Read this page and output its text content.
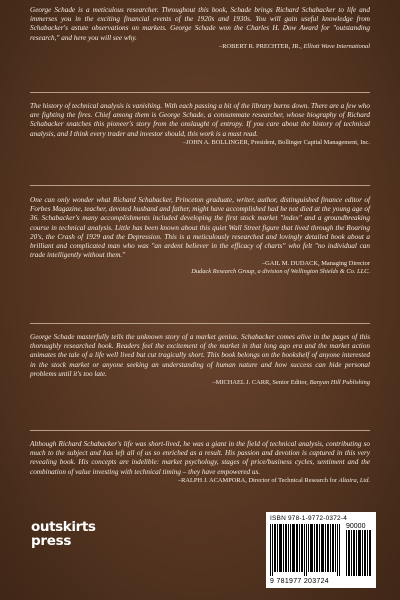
George Schade is a meticulous researcher. Throughout this book, Schade brings Richard Schabacker to life and immerses you in the exciting financial events of the 1920s and 1930s. You will gain useful knowledge from Schabacker's astute observations on markets. George Schade won the Charles H. Dow Award for "outstanding research," and here you will see why.
–ROBERT R. PRECHTER, JR., Elliott Wave International
The history of technical analysis is vanishing. With each passing a bit of the library burns down. There are a few who are fighting the fires. Chief among them is George Schade, a consummate researcher, whose biography of Richard Schabacker snatches this pioneer's story from the onslaught of entropy. If you care about the history of technical analysis, and I think every trader and investor should, this work is a must read.
–JOHN A. BOLLINGER, President, Bollinger Capital Management, Inc.
One can only wonder what Richard Schabacker, Princeton graduate, writer, author, distinguished finance editor of Forbes Magazine, teacher, devoted husband and father, might have accomplished had he not died at the young age of 36. Schabacker's many accomplishments included developing the first stock market "index" and a groundbreaking course in technical analysis. Little has been known about this quiet Wall Street figure that lived through the Roaring 20's, the Crash of 1929 and the Depression. This is a meticulously researched and lovingly detailed book about a brilliant and complicated man who was "an ardent believer in the efficacy of charts" who felt "no individual can trade intelligently without them."
–GAIL M. DUDACK, Managing Director
Dudack Research Group, a division of Wellington Shields & Co. LLC.
George Schade masterfully tells the unknown story of a market genius. Schabacker comes alive in the pages of this thoroughly researched book. Readers feel the excitement of the market in that long ago era and the market action animates the tale of a life well lived but cut tragically short. This book belongs on the bookshelf of anyone interested in the stock market or anyone seeking an understanding of human nature and how success can hide personal problems until it's too late.
–MICHAEL J. CARR, Senior Editor, Banyan Hill Publishing
Although Richard Schabacker's life was short-lived, he was a giant in the field of technical analysis, contributing so much to the subject and has left all of us so enriched as a result. His passion and devotion is captured in this very revealing book. His concepts are indelible: market psychology, stages of price/business cycles, sentiment and the combination of value investing with technical timing – they have empowered us.
–RALPH J. ACAMPORA, Director of Technical Research for Altaira, Ltd.
outskirts
press
ISBN 978-1-9772-0372-4
90000
9 781977 203724
